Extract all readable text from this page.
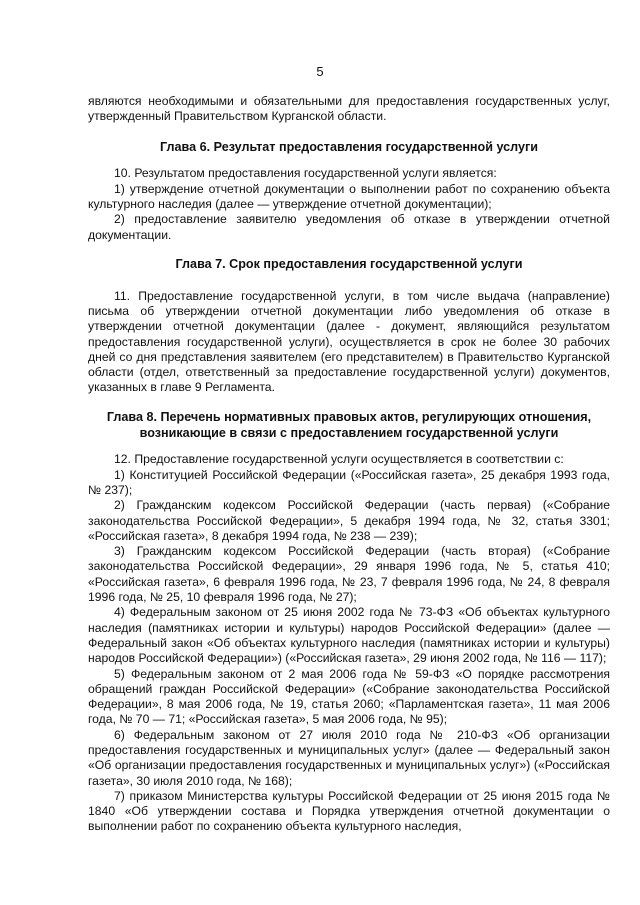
5

являются необходимыми и обязательными для предоставления государственных услуг, утвержденный Правительством Курганской области.

Глава 6. Результат предоставления государственной услуги

10. Результатом предоставления государственной услуги является:

1) утверждение отчетной документации о выполнении работ по сохранению объекта культурного наследия (далее — утверждение отчетной документации);

2) предоставление заявителю уведомления об отказе в утверждении отчетной документации.

Глава 7. Срок предоставления государственной услуги

11. Предоставление государственной услуги, в том числе выдача (направление) письма об утверждении отчетной документации либо уведомления об отказе в утверждении отчетной документации (далее - документ, являющийся результатом предоставления государственной услуги), осуществляется в срок не более 30 рабочих дней со дня представления заявителем (его представителем) в Правительство Курганской области (отдел, ответственный за предоставление государственной услуги) документов, указанных в главе 9 Регламента.

Глава 8. Перечень нормативных правовых актов, регулирующих отношения,

возникающие в связи с предоставлением государственной услуги

12. Предоставление государственной услуги осуществляется в соответствии с:

1) Конституцией Российской Федерации («Российская газета», 25 декабря 1993 года, № 237);

2) Гражданским кодексом Российской Федерации (часть первая) («Собрание законодательства Российской Федерации», 5 декабря 1994 года, № 32, статья 3301; «Российская газета», 8 декабря 1994 года, № 238 — 239);

3) Гражданским кодексом Российской Федерации (часть вторая) («Собрание законодательства Российской Федерации», 29 января 1996 года, № 5, статья 410; «Российская газета», 6 февраля 1996 года, № 23, 7 февраля 1996 года, № 24, 8 февраля 1996 года, № 25, 10 февраля 1996 года, № 27);

4) Федеральным законом от 25 июня 2002 года № 73-ФЗ «Об объектах культурного наследия (памятниках истории и культуры) народов Российской Федерации» (далее — Федеральный закон «Об объектах культурного наследия (памятниках истории и культуры) народов Российской Федерации») («Российская газета», 29 июня 2002 года, № 116 — 117);

5) Федеральным законом от 2 мая 2006 года № 59-ФЗ «О порядке рассмотрения обращений граждан Российской Федерации» («Собрание законодательства Российской Федерации», 8 мая 2006 года, № 19, статья 2060; «Парламентская газета», 11 мая 2006 года, № 70 — 71; «Российская газета», 5 мая 2006 года, № 95);

6) Федеральным законом от 27 июля 2010 года № 210-ФЗ «Об организации предоставления государственных и муниципальных услуг» (далее — Федеральный закон «Об организации предоставления государственных и муниципальных услуг») («Российская газета», 30 июля 2010 года, № 168);

7) приказом Министерства культуры Российской Федерации от 25 июня 2015 года № 1840 «Об утверждении состава и Порядка утверждения отчетной документации о выполнении работ по сохранению объекта культурного наследия,
